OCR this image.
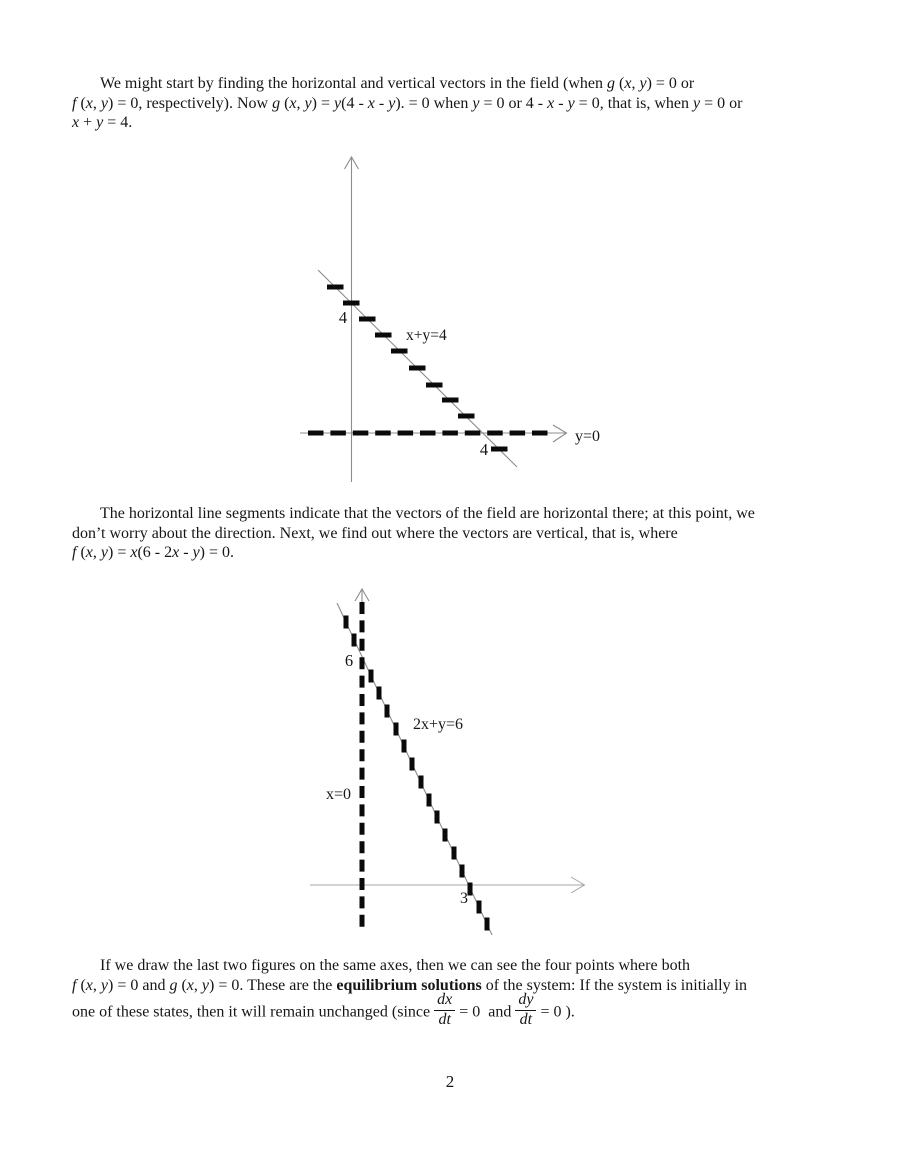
We might start by finding the horizontal and vertical vectors in the field (when g (x, y) = 0 or
f (x, y) = 0, respectively). Now g (x, y) = y(4 - x - y). = 0 when y = 0 or 4 - x - y = 0, that is, when y = 0 or
x + y = 4.
4
x+y=4
4
y=0
The horizontal line segments indicate that the vectors of the field are horizontal there; at this point, we
don’t worry about the direction. Next, we find out where the vectors are vertical, that is, where
f (x, y) = x(6 - 2x - y) = 0.
6
2x+y=6
x=0
3
If we draw the last two figures on the same axes, then we can see the four points where both
f (x, y) = 0 and g (x, y) = 0. These are the equilibrium solutions of the system: If the system is initially in
one of these states, then it will remain unchanged (since $\frac{dx}{dt} = 0$  and $\frac{dy}{dt} = 0$ ).
2
